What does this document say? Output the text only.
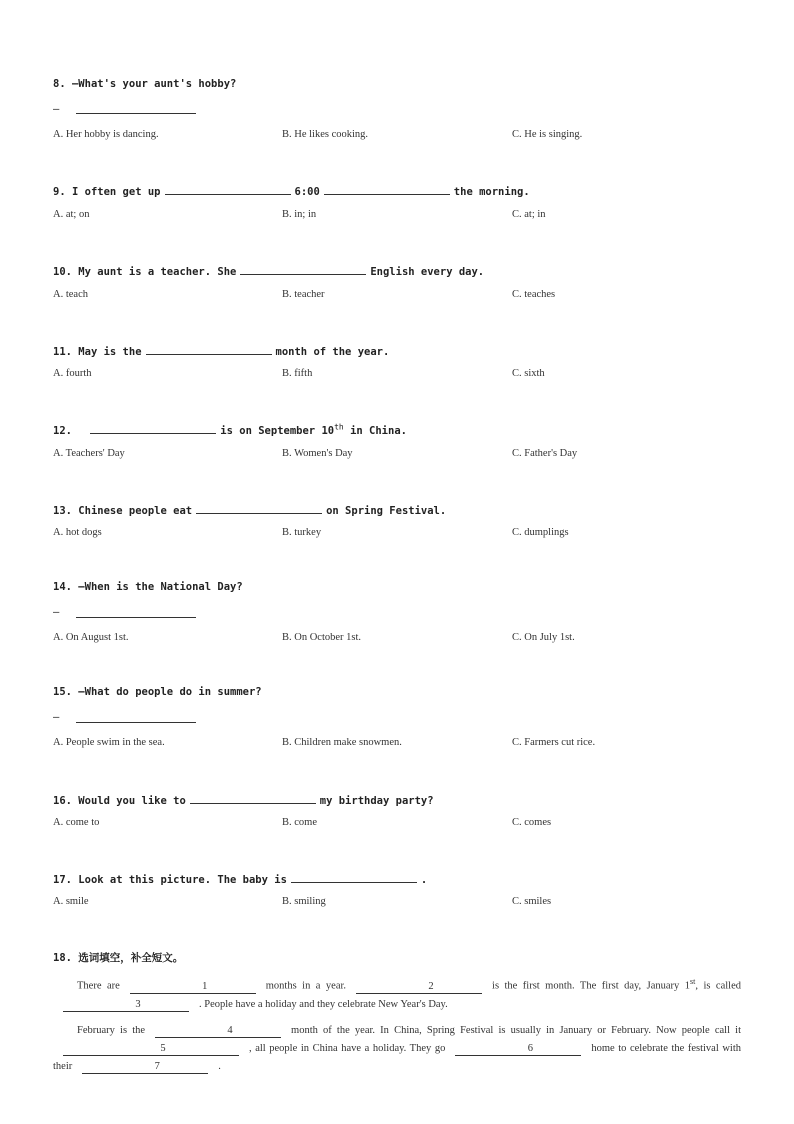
8. —What's your aunt's hobby?
—
A. Her hobby is dancing.	B. He likes cooking.	C. He is singing.
9. I often get up	6:00	the morning.
A. at; on	B. in; in	C. at; in
10. My aunt is a teacher. She	English every day.
A. teach	B. teacher	C. teaches
11. May is the	month of the year.
A. fourth	B. fifth	C. sixth
12.	is on September 10th in China.
A. Teachers' Day	B. Women's Day	C. Father's Day
13. Chinese people eat	on Spring Festival.
A. hot dogs	B. turkey	C. dumplings
14. —When is the National Day?
—
A. On August 1st.	B. On October 1st.	C. On July 1st.
15. —What do people do in summer?
—
A. People swim in the sea.	B. Children make snowmen.	C. Farmers cut rice.
16. Would you like to	my birthday party?
A. come to	B. come	C. comes
17. Look at this picture. The baby is	.
A. smile	B. smiling	C. smiles
18. 选词填空，补全短文。

There are	1	months in a year.	2	is the first month. The first day, January 1st, is called3	. People have a holiday and they celebrate New Year's Day.

February is the	4	month of the year. In China, Spring Festival is usually in January or February. Now people call it5	, all people in China have a holiday. They go	6	home to celebrate the festival with their	7	.
